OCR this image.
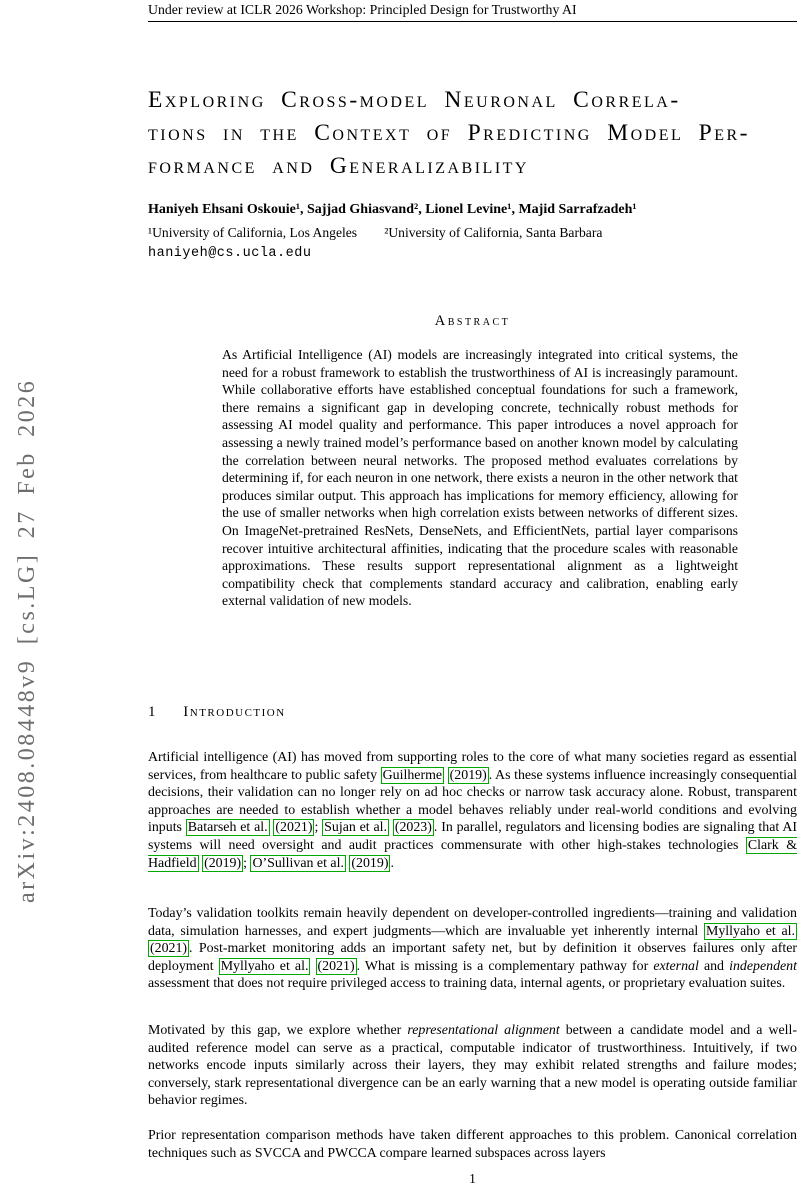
Under review at ICLR 2026 Workshop: Principled Design for Trustworthy AI
arXiv:2408.08448v9 [cs.LG] 27 Feb 2026
Exploring Cross-model Neuronal Correla-
tions in the Context of Predicting Model Per-
formance and Generalizability
Haniyeh Ehsani Oskouie¹, Sajjad Ghiasvand², Lionel Levine¹, Majid Sarrafzadeh¹
¹University of California, Los Angeles  ²University of California, Santa Barbara
haniyeh@cs.ucla.edu
Abstract
As Artificial Intelligence (AI) models are increasingly integrated into critical systems, the need for a robust framework to establish the trustworthiness of AI is increasingly paramount. While collaborative efforts have established conceptual foundations for such a framework, there remains a significant gap in developing concrete, technically robust methods for assessing AI model quality and performance. This paper introduces a novel approach for assessing a newly trained model’s performance based on another known model by calculating the correlation between neural networks. The proposed method evaluates correlations by determining if, for each neuron in one network, there exists a neuron in the other network that produces similar output. This approach has implications for memory efficiency, allowing for the use of smaller networks when high correlation exists between networks of different sizes. On ImageNet-pretrained ResNets, DenseNets, and EfficientNets, partial layer comparisons recover intuitive architectural affinities, indicating that the procedure scales with reasonable approximations. These results support representational alignment as a lightweight compatibility check that complements standard accuracy and calibration, enabling early external validation of new models.
1 Introduction

Artificial intelligence (AI) has moved from supporting roles to the core of what many societies regard as essential services, from healthcare to public safety Guilherme (2019) . As these systems influence increasingly consequential decisions, their validation can no longer rely on ad hoc checks or narrow task accuracy alone. Robust, transparent approaches are needed to establish whether a model behaves reliably under real-world conditions and evolving inputs Batarseh et al. (2021) ; Sujan et al. (2023) . In parallel, regulators and licensing bodies are signaling that AI systems will need oversight and audit practices commensurate with other high-stakes technologies Clark & Hadfield (2019) ; O’Sullivan et al. (2019) .

Today’s validation toolkits remain heavily dependent on developer-controlled ingredients—training and validation data, simulation harnesses, and expert judgments—which are invaluable yet inherently internal Myllyaho et al. (2021) . Post-market monitoring adds an important safety net, but by definition it observes failures only after deployment Myllyaho et al. (2021) . What is missing is a complementary pathway for external and independent assessment that does not require privileged access to training data, internal agents, or proprietary evaluation suites.

Motivated by this gap, we explore whether representational alignment between a candidate model and a well-audited reference model can serve as a practical, computable indicator of trustworthiness. Intuitively, if two networks encode inputs similarly across their layers, they may exhibit related strengths and failure modes; conversely, stark representational divergence can be an early warning that a new model is operating outside familiar behavior regimes.

Prior representation comparison methods have taken different approaches to this problem. Canonical correlation techniques such as SVCCA and PWCCA compare learned subspaces across layers

1
